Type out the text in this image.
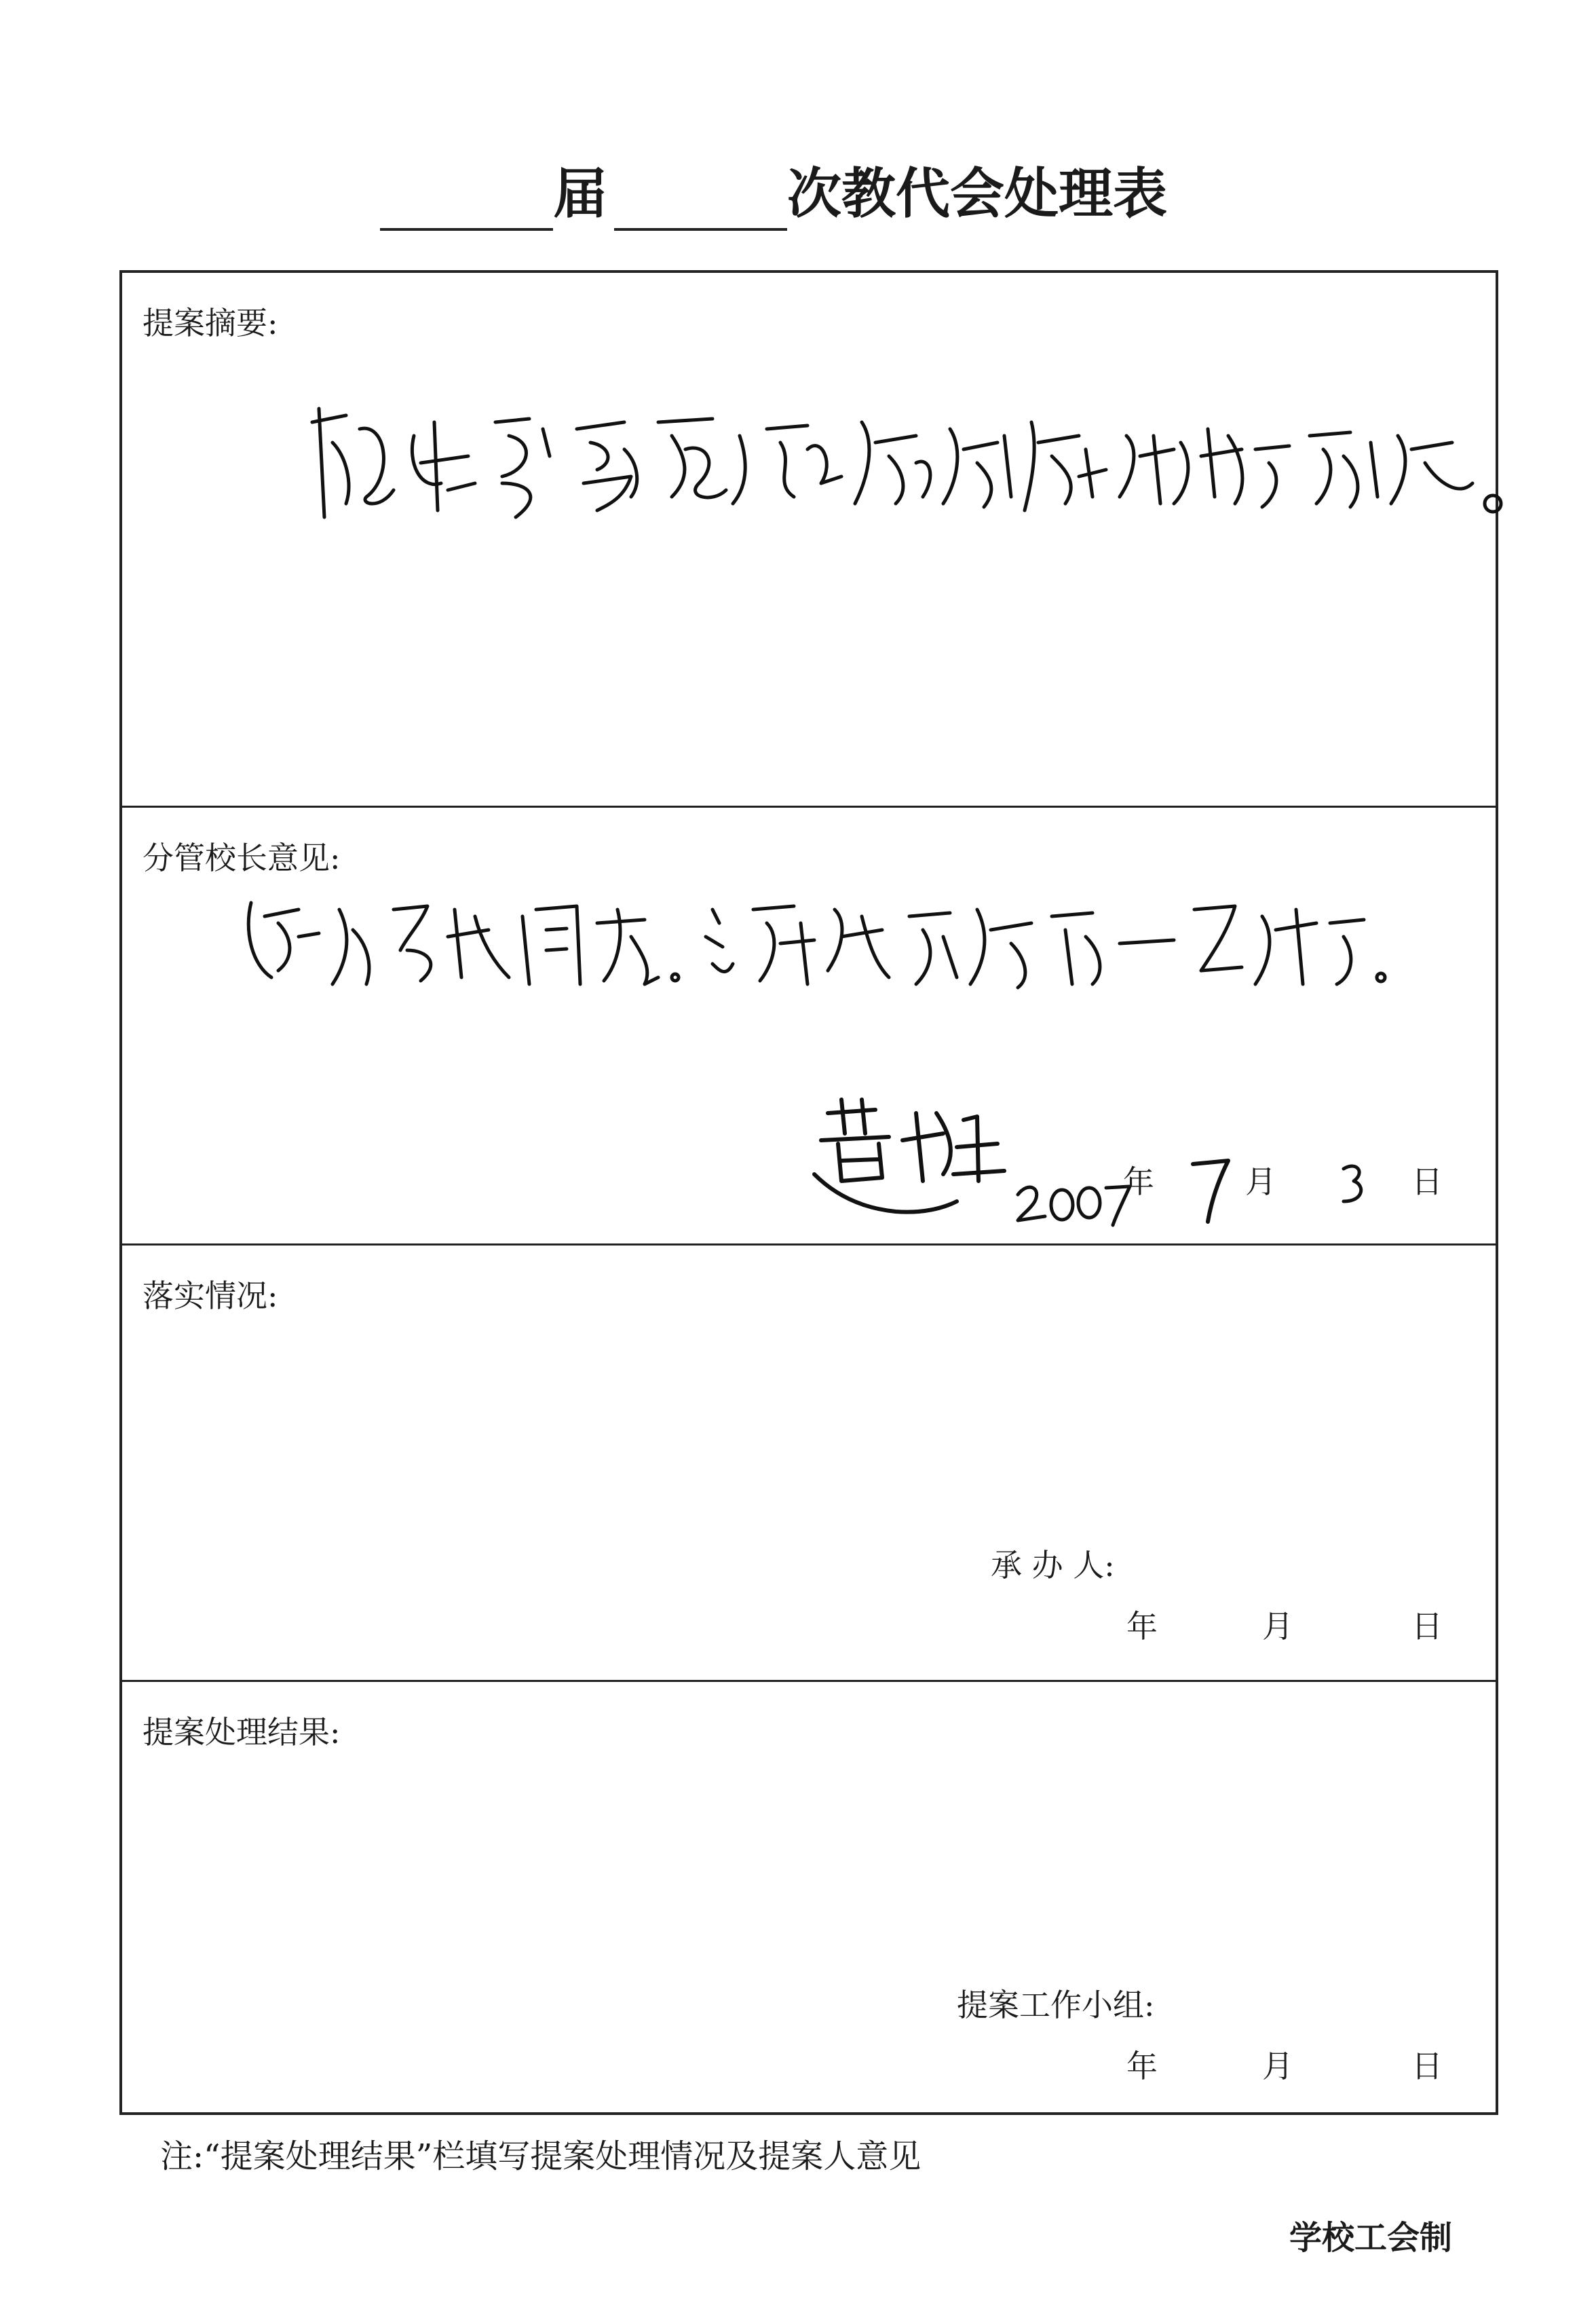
届	次教代会处理表
提案摘要:
分管校长意见:
年	月	日
落实情况:
承 办 人:
年	月	日
提案处理结果:
提案工作小组:
年	月	日
注:“提案处理结果”栏填写提案处理情况及提案人意见
学校工会制
